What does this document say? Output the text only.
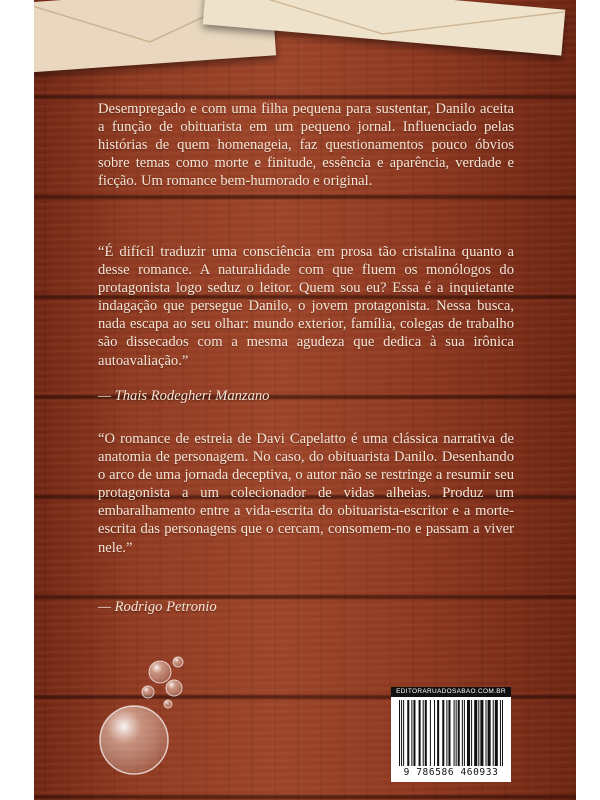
Desempregado e com uma filha pequena para sustentar, Danilo aceita a função de obituarista em um pequeno jornal. Influenciado pelas histórias de quem homenageia, faz questionamentos pouco óbvios sobre temas como morte e finitude, essência e aparência, verdade e ficção. Um romance bem-humorado e original.

“É difícil traduzir uma consciência em prosa tão cristalina quanto a desse romance. A naturalidade com que fluem os monólogos do protagonista logo seduz o leitor. Quem sou eu? Essa é a inquietante indagação que persegue Danilo, o jovem protagonista. Nessa busca, nada escapa ao seu olhar: mundo exterior, família, colegas de trabalho são dissecados com a mesma agudeza que dedica à sua irônica autoavaliação.”

— Thais Rodegheri Manzano

“O romance de estreia de Davi Capelatto é uma clássica narrativa de anatomia de personagem. No caso, do obituarista Danilo. Desenhando o arco de uma jornada deceptiva, o autor não se restringe a resumir seu protagonista a um colecionador de vidas alheias. Produz um embaralhamento entre a vida-escrita do obituarista-escritor e a morte-escrita das personagens que o cercam, consomem-no e passam a viver nele.”

— Rodrigo Petronio
EDITORARUADOSABAO.COM.BR
9 786586 460933
